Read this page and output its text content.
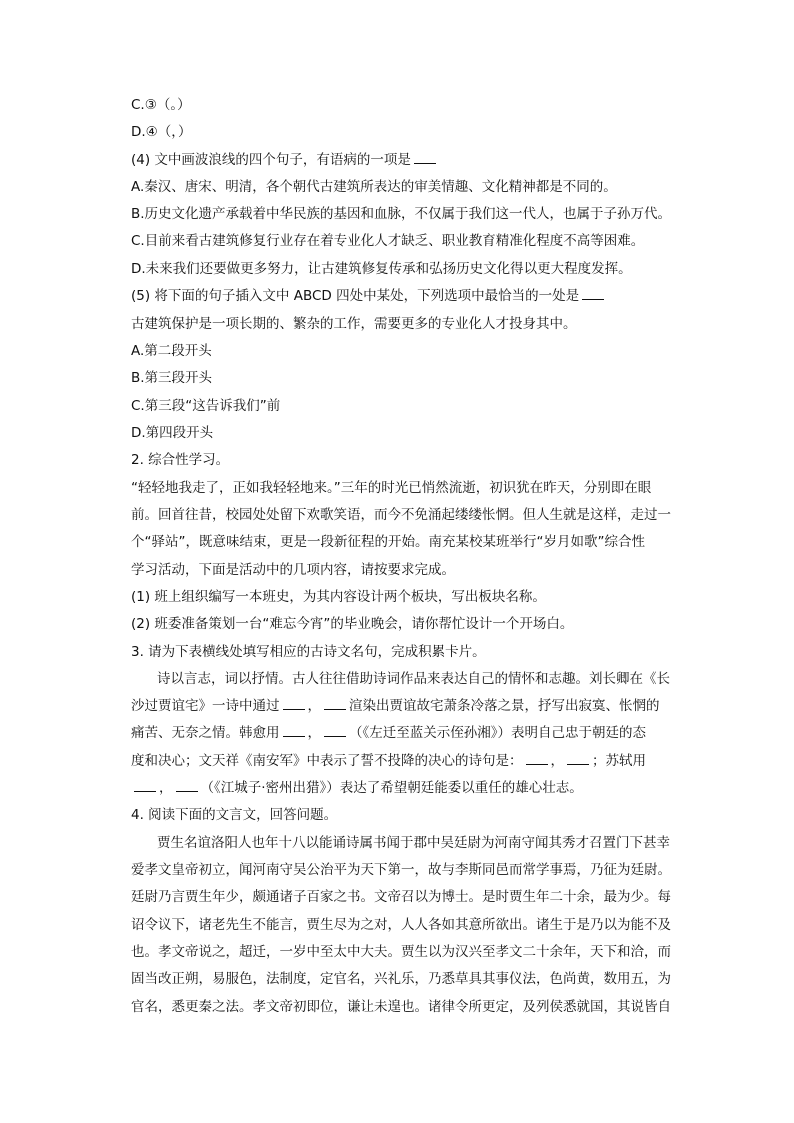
C.③（。）
D.④（，）
(4) 文中画波浪线的四个句子，有语病的一项是
A.秦汉、唐宋、明清，各个朝代古建筑所表达的审美情趣、文化精神都是不同的。
B.历史文化遗产承载着中华民族的基因和血脉，不仅属于我们这一代人，也属于子孙万代。
C.目前来看古建筑修复行业存在着专业化人才缺乏、职业教育精准化程度不高等困难。
D.未来我们还要做更多努力，让古建筑修复传承和弘扬历史文化得以更大程度发挥。
(5) 将下面的句子插入文中 ABCD 四处中某处，下列选项中最恰当的一处是
古建筑保护是一项长期的、繁杂的工作，需要更多的专业化人才投身其中。
A.第二段开头
B.第三段开头
C.第三段“这告诉我们”前
D.第四段开头
2. 综合性学习。
“轻轻地我走了，正如我轻轻地来。”三年的时光已悄然流逝，初识犹在昨天，分别即在眼
前。回首往昔，校园处处留下欢歌笑语，而今不免涌起缕缕怅惘。但人生就是这样，走过一
个“驿站”，既意味结束，更是一段新征程的开始。南充某校某班举行“岁月如歌”综合性
学习活动，下面是活动中的几项内容，请按要求完成。
(1) 班上组织编写一本班史，为其内容设计两个板块，写出板块名称。
(2) 班委准备策划一台“难忘今宵”的毕业晚会，请你帮忙设计一个开场白。
3. 请为下表横线处填写相应的古诗文名句，完成积累卡片。
诗以言志，词以抒情。古人往往借助诗词作品来表达自己的情怀和志趣。刘长卿在《长
沙过贾谊宅》一诗中通过 ， 渲染出贾谊故宅萧条冷落之景，抒写出寂寞、怅惘的
痛苦、无奈之情。韩愈用 ， （《左迁至蓝关示侄孙湘》）表明自己忠于朝廷的态
度和决心；文天祥《南安军》中表示了誓不投降的决心的诗句是： ， ；苏轼用
， （《江城子·密州出猎》）表达了希望朝廷能委以重任的雄心壮志。
4. 阅读下面的文言文，回答问题。
贾生名谊洛阳人也年十八以能诵诗属书闻于郡中吴廷尉为河南守闻其秀才召置门下甚幸
爱孝文皇帝初立，闻河南守吴公治平为天下第一，故与李斯同邑而常学事焉，乃征为廷尉。
廷尉乃言贾生年少，颇通诸子百家之书。文帝召以为博士。是时贾生年二十余，最为少。每
诏令议下，诸老先生不能言，贾生尽为之对，人人各如其意所欲出。诸生于是乃以为能不及
也。孝文帝说之，超迁，一岁中至太中大夫。贾生以为汉兴至孝文二十余年，天下和洽，而
固当改正朔，易服色，法制度，定官名，兴礼乐，乃悉草具其事仪法，色尚黄，数用五，为
官名，悉更秦之法。孝文帝初即位，谦让未遑也。诸律令所更定，及列侯悉就国，其说皆自
